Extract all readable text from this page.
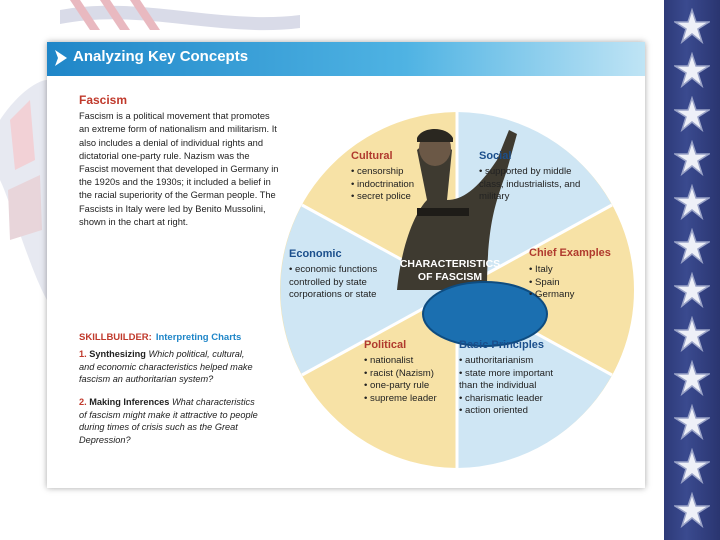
Analyzing Key Concepts
Fascism
Fascism is a political movement that promotes an extreme form of nationalism and militarism. It also includes a denial of individual rights and dictatorial one-party rule. Nazism was the Fascist movement that developed in Germany in the 1920s and the 1930s; it included a belief in the racial superiority of the German people. The Fascists in Italy were led by Benito Mussolini, shown in the chart at right.
SKILLBUILDER: Interpreting Charts
1. Synthesizing Which political, cultural, and economic characteristics helped make fascism an authoritarian system?
2. Making Inferences What characteristics of fascism might make it attractive to people during times of crisis such as the Great Depression?
CHARACTERISTICS OF FASCISM
Cultural
• censorship
• indoctrination
• secret police
Social
• supported by middle class, industrialists, and military
Chief Examples
• Italy
• Spain
• Germany
Basic Principles
• authoritarianism
• state more important than the individual
• charismatic leader
• action oriented
Political
• nationalist
• racist (Nazism)
• one-party rule
• supreme leader
Economic
• economic functions controlled by state corporations or state
